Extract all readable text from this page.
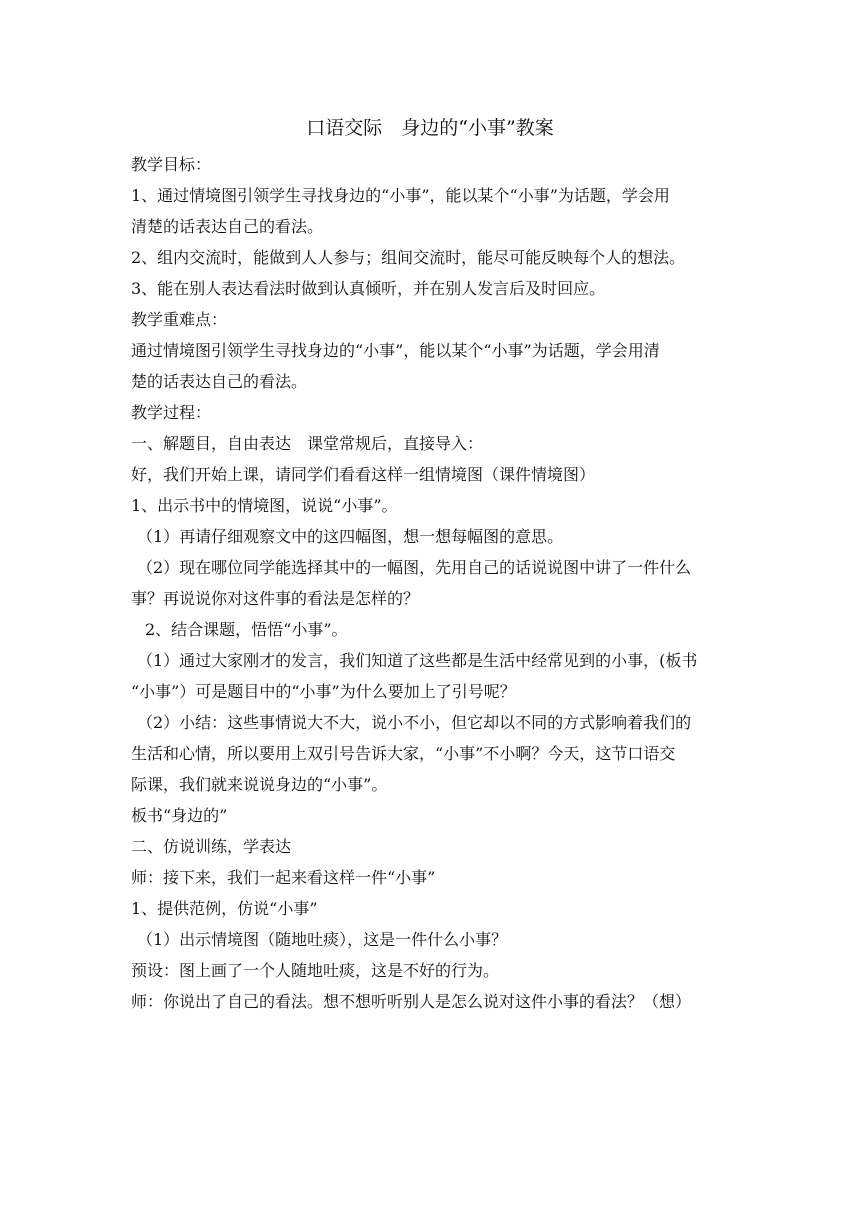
口语交际　身边的“小事”教案
教学目标：
1、通过情境图引领学生寻找身边的“小事”，能以某个“小事”为话题，学会用
清楚的话表达自己的看法。
2、组内交流时，能做到人人参与；组间交流时，能尽可能反映每个人的想法。
3、能在别人表达看法时做到认真倾听，并在别人发言后及时回应。
教学重难点：
通过情境图引领学生寻找身边的“小事”，能以某个“小事”为话题，学会用清
楚的话表达自己的看法。
教学过程：
一、解题目，自由表达　课堂常规后，直接导入：
好，我们开始上课，请同学们看看这样一组情境图（课件情境图）
1、出示书中的情境图，说说“小事”。
（1）再请仔细观察文中的这四幅图，想一想每幅图的意思。
（2）现在哪位同学能选择其中的一幅图，先用自己的话说说图中讲了一件什么
事？再说说你对这件事的看法是怎样的？
2、结合课题，悟悟“小事”。
（1）通过大家刚才的发言，我们知道了这些都是生活中经常见到的小事，(板书
“小事”）可是题目中的“小事”为什么要加上了引号呢？
（2）小结：这些事情说大不大，说小不小，但它却以不同的方式影响着我们的
生活和心情，所以要用上双引号告诉大家，“小事”不小啊？今天，这节口语交
际课，我们就来说说身边的“小事”。
板书“身边的”
二、仿说训练，学表达
师：接下来，我们一起来看这样一件“小事”
1、提供范例，仿说“小事”
（1）出示情境图（随地吐痰），这是一件什么小事？
预设：图上画了一个人随地吐痰，这是不好的行为。
师：你说出了自己的看法。想不想听听别人是怎么说对这件小事的看法？（想）
